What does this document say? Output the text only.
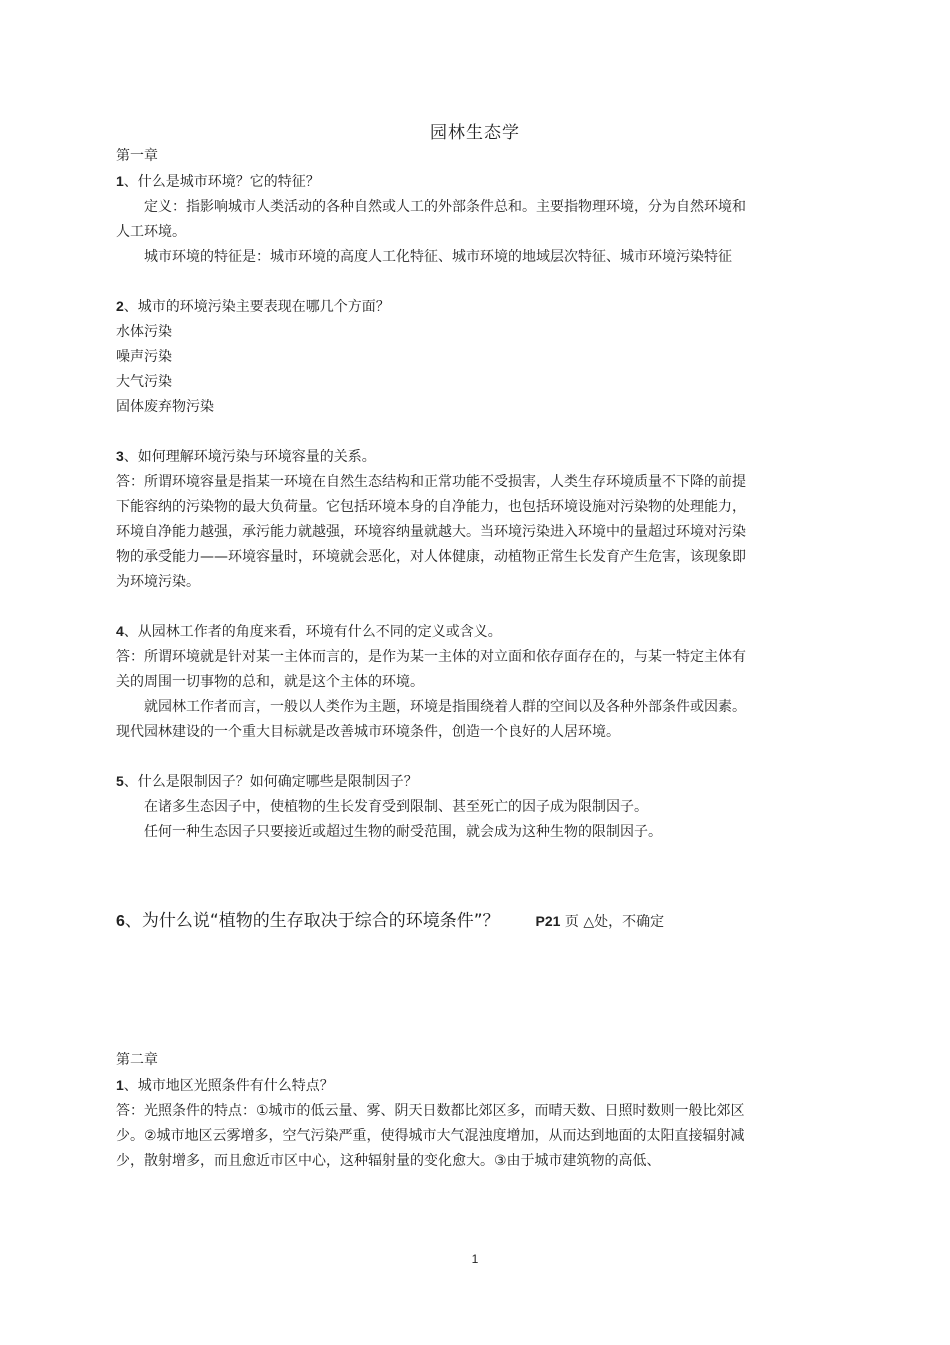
园林生态学

第一章

1、什么是城市环境？它的特征？

定义：指影响城市人类活动的各种自然或人工的外部条件总和。主要指物理环境，分为自然环境和人工环境。

城市环境的特征是：城市环境的高度人工化特征、城市环境的地域层次特征、城市环境污染特征

2、城市的环境污染主要表现在哪几个方面？

水体污染

噪声污染

大气污染

固体废弃物污染

3、如何理解环境污染与环境容量的关系。

答：所谓环境容量是指某一环境在自然生态结构和正常功能不受损害，人类生存环境质量不下降的前提下能容纳的污染物的最大负荷量。它包括环境本身的自净能力，也包括环境设施对污染物的处理能力，环境自净能力越强，承污能力就越强，环境容纳量就越大。当环境污染进入环境中的量超过环境对污染物的承受能力——环境容量时，环境就会恶化，对人体健康，动植物正常生长发育产生危害，该现象即为环境污染。

4、从园林工作者的角度来看，环境有什么不同的定义或含义。

答：所谓环境就是针对某一主体而言的，是作为某一主体的对立面和依存面存在的，与某一特定主体有关的周围一切事物的总和，就是这个主体的环境。

就园林工作者而言，一般以人类作为主题，环境是指围绕着人群的空间以及各种外部条件或因素。现代园林建设的一个重大目标就是改善城市环境条件，创造一个良好的人居环境。

5、什么是限制因子？如何确定哪些是限制因子？

在诸多生态因子中，使植物的生长发育受到限制、甚至死亡的因子成为限制因子。

任何一种生态因子只要接近或超过生物的耐受范围，就会成为这种生物的限制因子。

6、为什么说“植物的生存取决于综合的环境条件”？	P21 页 △处，不确定

第二章

1、城市地区光照条件有什么特点？

答：光照条件的特点：①城市的低云量、雾、阴天日数都比郊区多，而晴天数、日照时数则一般比郊区少。②城市地区云雾增多，空气污染严重，使得城市大气混浊度增加，从而达到地面的太阳直接辐射减少，散射增多，而且愈近市区中心，这种辐射量的变化愈大。③由于城市建筑物的高低、

1
